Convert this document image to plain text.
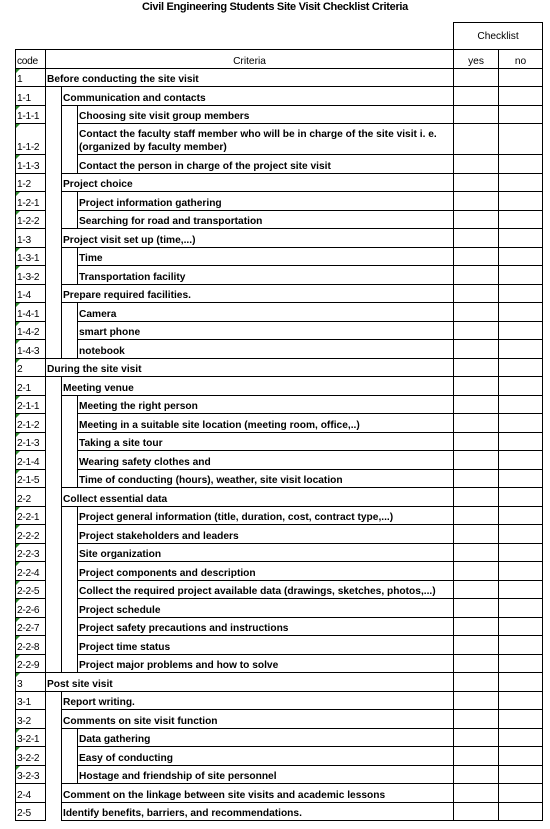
Civil Engineering Students Site Visit Checklist Criteria
				Checklist	
code	Criteria			yes	no
1	Before conducting the site visit				
1-1		Communication and contacts			
1-1-1			Choosing site visit group members		
1-1-2			Contact the faculty staff member who will be in charge of the site visit i. e.
(organized by faculty member)		

1-1-3			Contact the person in charge of the project site visit		
1-2		Project choice			
1-2-1			Project information gathering		
1-2-2			Searching for road and transportation		
1-3		Project visit set up (time,...)			
1-3-1			Time		
1-3-2			Transportation facility		
1-4		Prepare required facilities.			
1-4-1			Camera		
1-4-2			smart phone		
1-4-3			notebook		
2	During the site visit				
2-1		Meeting venue			
2-1-1			Meeting the right person		
2-1-2			Meeting in a suitable site location (meeting room, office,..)		
2-1-3			Taking a site tour		
2-1-4			Wearing safety clothes and		
2-1-5			Time of conducting (hours), weather, site visit location		
2-2		Collect essential data			
2-2-1			Project general information (title, duration, cost, contract type,...)		
2-2-2			Project stakeholders and leaders		
2-2-3			Site organization		
2-2-4			Project components and description		
2-2-5			Collect the required project available data (drawings, sketches, photos,...)		
2-2-6			Project schedule		
2-2-7			Project safety precautions and instructions		
2-2-8			Project time status		
2-2-9			Project major problems and how to solve		
3	Post site visit				
3-1		Report writing.			
3-2		Comments on site visit function			
3-2-1			Data gathering		
3-2-2			Easy of conducting		
3-2-3			Hostage and friendship of site personnel		
2-4		Comment on the linkage between site visits and academic lessons			
2-5		Identify benefits, barriers, and recommendations.			
